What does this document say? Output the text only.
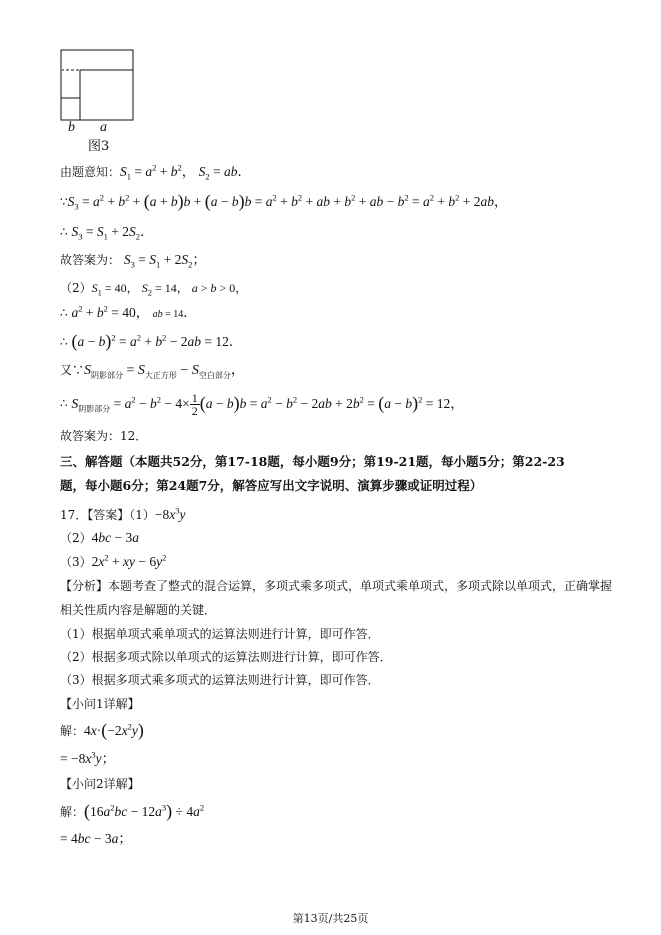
b a
图3
由题意知：$S_1 = a^2 + b^2$， $S_2$ = ab．
$\because S_3 = a^2 + b^2 + (a + b)b + (a - b)b = a^2 + b^2$ + ab + $b^2$ + ab − $b^2 = a^2 + b^2 + 2ab$，
∴ $S_3 = S_1 + 2S_2$．
故答案为： $S_3 = S_1 + 2S_2$；
$(2)S_1 = 40$， $S_2 = 14$， a > b > 0，
∴ $a^2 + b^2 = 40$， ab = 14．
∴ $(a - b)^2 = a^2 + b^2 - 2ab = 12$．
又$\because S_{阴影部分} = S_{大正方形} - S_{空白部分}$，
∴ $S_{阴影部分} = a^2 - b^2 - 4\times \frac{1}{2} (a - b)b = a^2 - b^2 - 2ab + 2b^2 = (a - b)^2 = 12$，
故答案为：12．
三、解答题（本题共52分，第17-18题，每小题9分；第19-21题，每小题5分；第22-23
题，每小题6分；第24题7分，解答应写出文字说明、演算步骤或证明过程）
17．【答案】$(1)-8x^3y$
（2）4bc − 3a
$(3)2x^2$ + xy − $6y^2$
【分析】本题考查了整式的混合运算，多项式乘多项式，单项式乘单项式，多项式除以单项式，正确掌握
相关性质内容是解题的关键．
（1）根据单项式乘单项式的运算法则进行计算，即可作答．
（2）根据多项式除以单项式的运算法则进行计算，即可作答．
（3）根据多项式乘多项式的运算法则进行计算，即可作答．
【小问1详解】
解：$4x\cdot(-2x^2y)$
= $-8x^3y$；
【小问2详解】
解：$(16a^2bc - 12a^3) \div 4a^2$
= 4bc − 3a；
第13页/共25页
